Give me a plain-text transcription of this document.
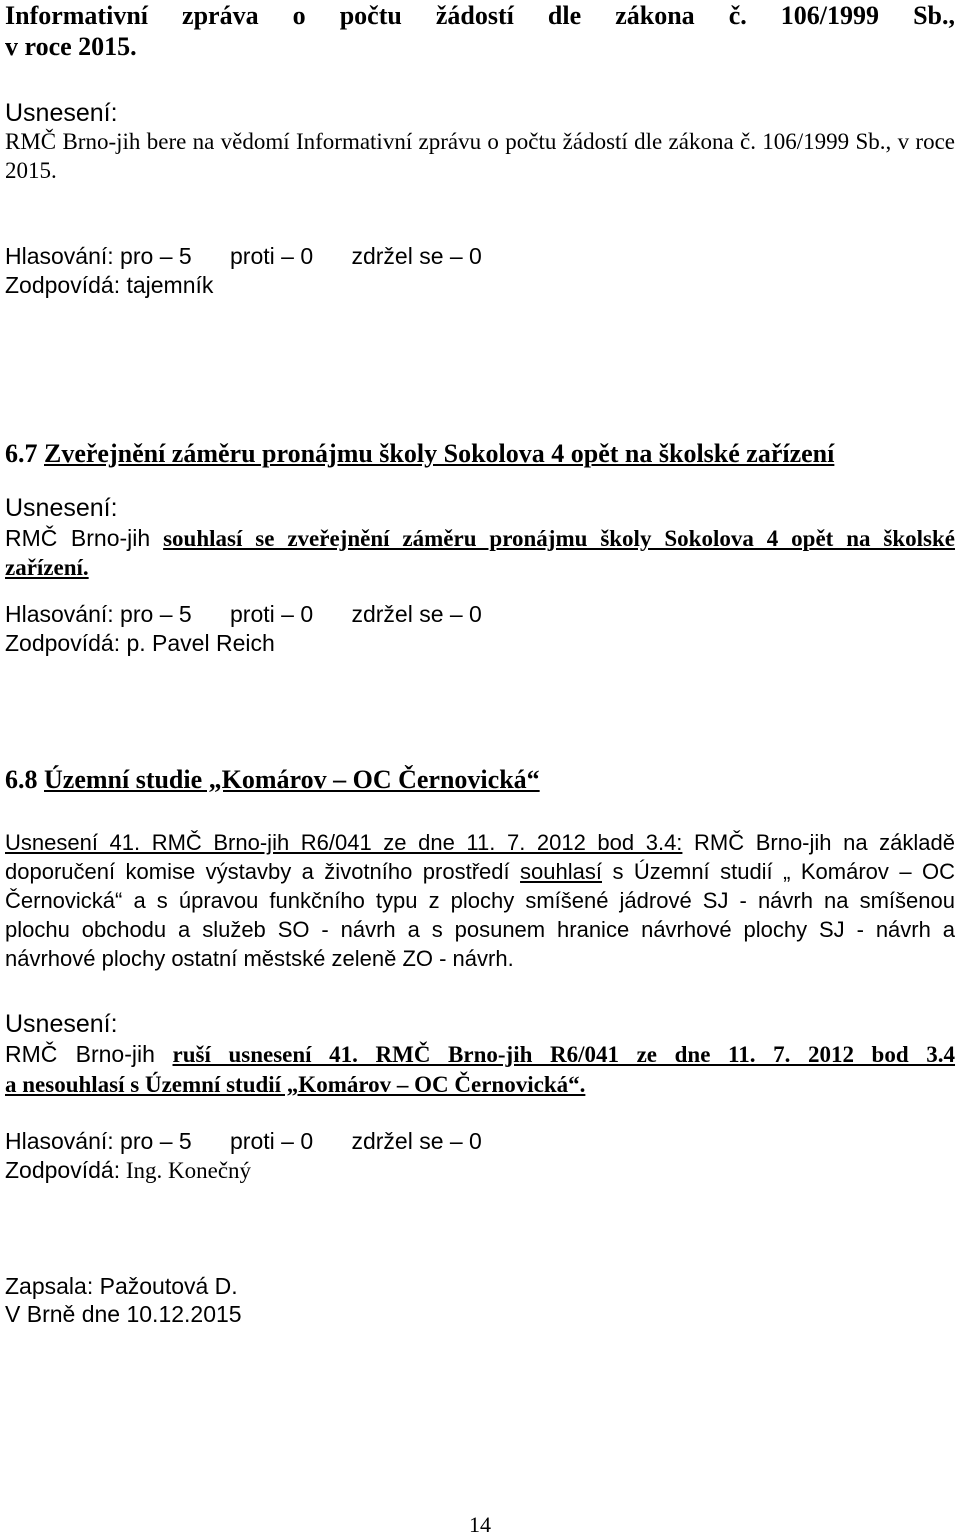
Informativní zpráva o počtu žádostí dle zákona č. 106/1999 Sb.,
v roce 2015.
Usnesení:
RMČ Brno-jih bere na vědomí Informativní zprávu o počtu žádostí dle zákona č. 106/1999 Sb., v roce 2015.
Hlasování: pro – 5      proti – 0      zdržel se – 0
Zodpovídá: tajemník
6.7 Zveřejnění záměru pronájmu školy Sokolova 4 opět na školské zařízení
Usnesení:
RMČ Brno-jih souhlasí se zveřejnění záměru pronájmu školy Sokolova 4 opět na školské zařízení.
Hlasování: pro – 5      proti – 0      zdržel se – 0
Zodpovídá: p. Pavel Reich
6.8 Územní studie „Komárov – OC Černovická“
Usnesení 41. RMČ Brno-jih R6/041 ze dne 11. 7. 2012 bod 3.4: RMČ Brno-jih na základě doporučení komise výstavby a životního prostředí souhlasí s Územní studií „ Komárov – OC Černovická“ a s úpravou funkčního typu z plochy smíšené jádrové SJ - návrh na smíšenou plochu obchodu a služeb SO - návrh a s posunem hranice návrhové plochy SJ - návrh a návrhové plochy ostatní městské zeleně ZO - návrh.
Usnesení:
RMČ Brno-jih ruší usnesení 41. RMČ Brno-jih R6/041 ze dne 11. 7. 2012 bod 3.4
a nesouhlasí s Územní studií „Komárov – OC Černovická“.
Hlasování: pro – 5      proti – 0      zdržel se – 0
Zodpovídá: Ing. Konečný
Zapsala: Pažoutová D.
V Brně dne 10.12.2015
14
